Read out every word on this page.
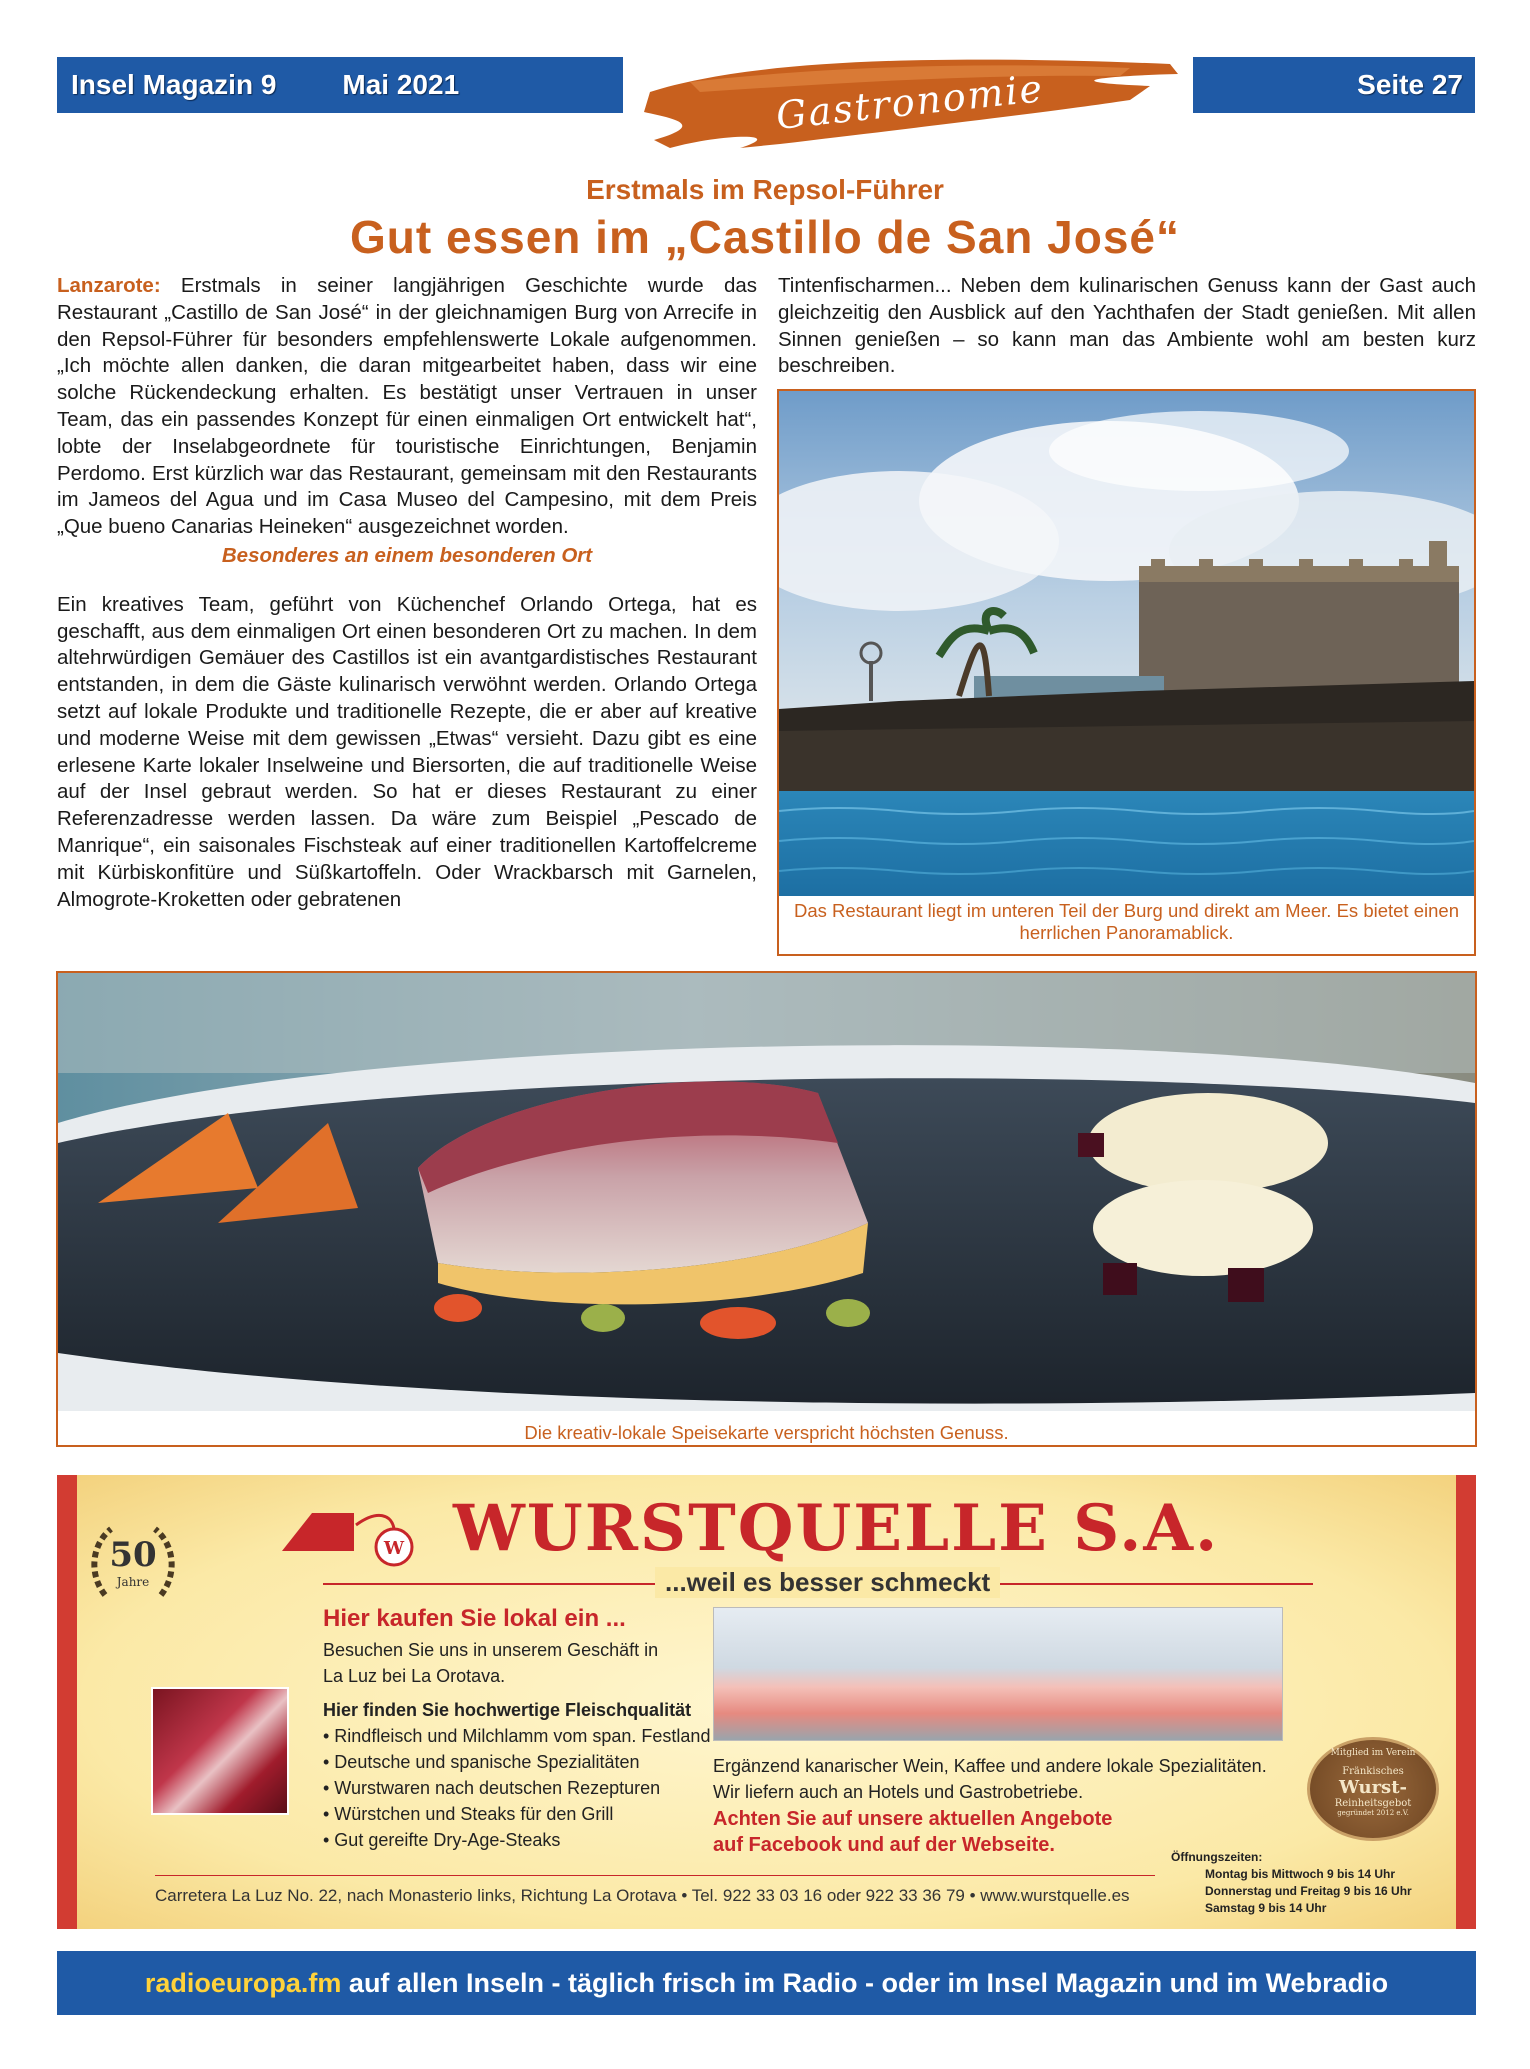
Insel Magazin 9 Mai 2021	Gastronomie	Seite 27
Erstmals im Repsol-Führer
Gut essen im „Castillo de San José“

Lanzarote: Erstmals in seiner langjährigen Geschichte wurde das Restaurant „Castillo de San José“ in der gleichnamigen Burg von Arrecife in den Repsol-Führer für besonders empfehlenswerte Lokale aufgenommen. „Ich möchte allen danken, die daran mitgearbeitet haben, dass wir eine solche Rückendeckung erhalten. Es bestätigt unser Vertrauen in unser Team, das ein passendes Konzept für einen einmaligen Ort entwickelt hat“, lobte der Inselabgeordnete für touristische Einrichtungen, Benjamin Perdomo. Erst kürzlich war das Restaurant, gemeinsam mit den Restaurants im Jameos del Agua und im Casa Museo del Campesino, mit dem Preis „Que bueno Canarias Heineken“ ausgezeichnet worden.

Besonderes an einem besonderen Ort

Ein kreatives Team, geführt von Küchenchef Orlando Ortega, hat es geschafft, aus dem einmaligen Ort einen besonderen Ort zu machen. In dem altehrwürdigen Gemäuer des Castillos ist ein avantgardistisches Restaurant entstanden, in dem die Gäste kulinarisch verwöhnt werden. Orlando Ortega setzt auf lokale Produkte und traditionelle Rezepte, die er aber auf kreative und moderne Weise mit dem gewissen „Etwas“ versieht. Dazu gibt es eine erlesene Karte lokaler Inselweine und Biersorten, die auf traditionelle Weise auf der Insel gebraut werden. So hat er dieses Restaurant zu einer Referenzadresse werden lassen. Da wäre zum Beispiel „Pescado de Manrique“, ein saisonales Fischsteak auf einer traditionellen Kartoffelcreme mit Kürbiskonfitüre und Süßkartoffeln. Oder Wrackbarsch mit Garnelen, Almogrote-Kroketten oder gebratenen

Tintenfischarmen... Neben dem kulinarischen Genuss kann der Gast auch gleichzeitig den Ausblick auf den Yachthafen der Stadt genießen. Mit allen Sinnen genießen – so kann man das Ambiente wohl am besten kurz beschreiben.

Das Restaurant liegt im unteren Teil der Burg und direkt am Meer. Es bietet einen herrlichen Panoramablick.
Die kreativ-lokale Speisekarte verspricht höchsten Genuss.
50
Jahre
W WURSTQUELLE S.A.
...weil es besser schmeckt
Hier kaufen Sie lokal ein ...
Besuchen Sie uns in unserem Geschäft in
La Luz bei La Orotava.
Hier finden Sie hochwertige Fleischqualität
• Rindfleisch und Milchlamm vom span. Festland
• Deutsche und spanische Spezialitäten
• Wurstwaren nach deutschen Rezepturen
• Würstchen und Steaks für den Grill
• Gut gereifte Dry-Age-Steaks
Ergänzend kanarischer Wein, Kaffee und andere lokale Spezialitäten.
Wir liefern auch an Hotels und Gastrobetriebe.
Achten Sie auf unsere aktuellen Angebote
auf Facebook und auf der Webseite.
Mitglied im Verein
Fränkisches
Wurst-
Reinheitsgebot
gegründet 2012 e.V.
Carretera La Luz No. 22, nach Monasterio links, Richtung La Orotava • Tel. 922 33 03 16 oder 922 33 36 79 • www.wurstquelle.es
Öffnungszeiten:
Montag bis Mittwoch 9 bis 14 Uhr
Donnerstag und Freitag 9 bis 16 Uhr
Samstag 9 bis 14 Uhr
radioeuropa.fm auf allen Inseln - täglich frisch im Radio - oder im Insel Magazin und im Webradio
